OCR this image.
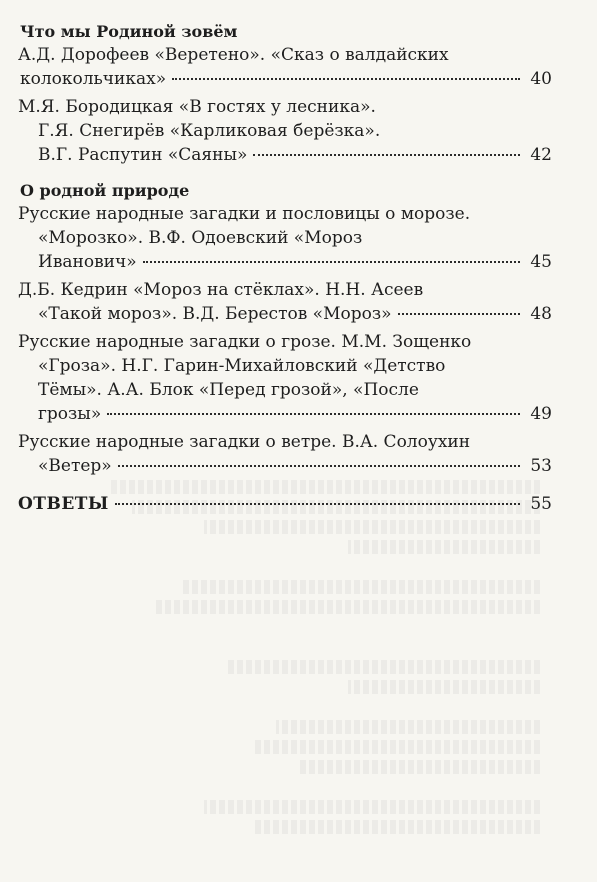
Что мы Родиной зовём
А.Д. Дорофеев «Веретено». «Сказ о валдайских
колокольчиках»	40
М.Я. Бородицкая «В гостях у лесника».
Г.Я. Снегирёв «Карликовая берёзка».
В.Г. Распутин «Саяны»	42
О родной природе
Русские народные загадки и пословицы о морозе.
«Морозко». В.Ф. Одоевский «Мороз
Иванович»	45
Д.Б. Кедрин «Мороз на стёклах». Н.Н. Асеев
«Такой мороз». В.Д. Берестов «Мороз»	48
Русские народные загадки о грозе. М.М. Зощенко
«Гроза». Н.Г. Гарин-Михайловский «Детство
Тёмы». А.А. Блок «Перед грозой», «После
грозы»	49
Русские народные загадки о ветре. В.А. Солоухин
«Ветер»	53
ОТВЕТЫ	55
